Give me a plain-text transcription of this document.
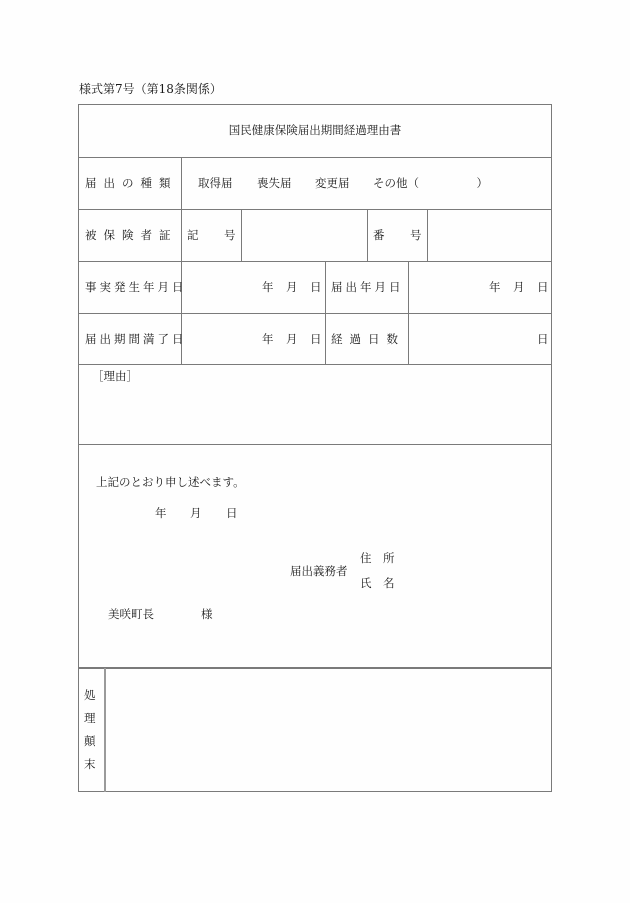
様式第7号（第18条関係）
国民健康保険届出期間経過理由書
届出の種類 取得届 喪失届 変更届 その他（　　　　　）
被保険者証 記 号	番 号
事実発生年月日	年 月 日 届出年月日	年 月 日
届出期間満了日	年 月 日 経過日数	日
［理由］
上記のとおり申し述べます。
年 月 日
届出義務者
住　所
氏　名
美咲町長	様
処
理
顛
末
